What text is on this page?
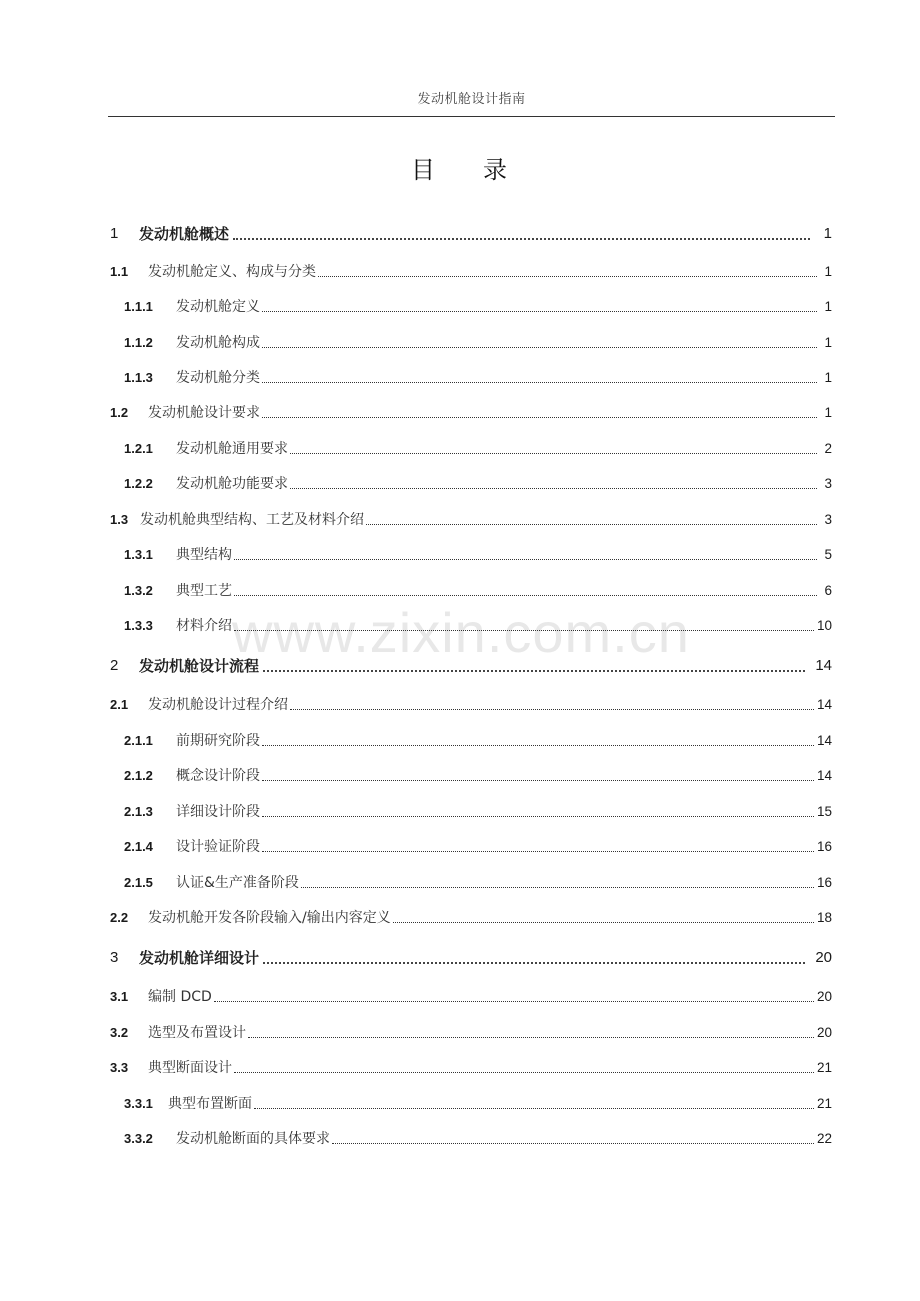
发动机舱设计指南
目 录
www.zixin.com.cn
1	发动机舱概述	1
1.1	发动机舱定义、构成与分类	1
1.1.1	发动机舱定义	1
1.1.2	发动机舱构成	1
1.1.3	发动机舱分类	1
1.2	发动机舱设计要求	1
1.2.1	发动机舱通用要求	2
1.2.2	发动机舱功能要求	3
1.3 发动机舱典型结构、工艺及材料介绍	3
1.3.1	典型结构	5
1.3.2	典型工艺	6
1.3.3	材料介绍	10
2	发动机舱设计流程	14
2.1	发动机舱设计过程介绍	14
2.1.1	前期研究阶段	14
2.1.2	概念设计阶段	14
2.1.3	详细设计阶段	15
2.1.4	设计验证阶段	16
2.1.5	认证&生产准备阶段	16
2.2	发动机舱开发各阶段输入/输出内容定义	18
3	发动机舱详细设计	20
3.1	编制 DCD	20
3.2	选型及布置设计	20
3.3	典型断面设计	21
3.3.1	典型布置断面	21
3.3.2	发动机舱断面的具体要求	22
